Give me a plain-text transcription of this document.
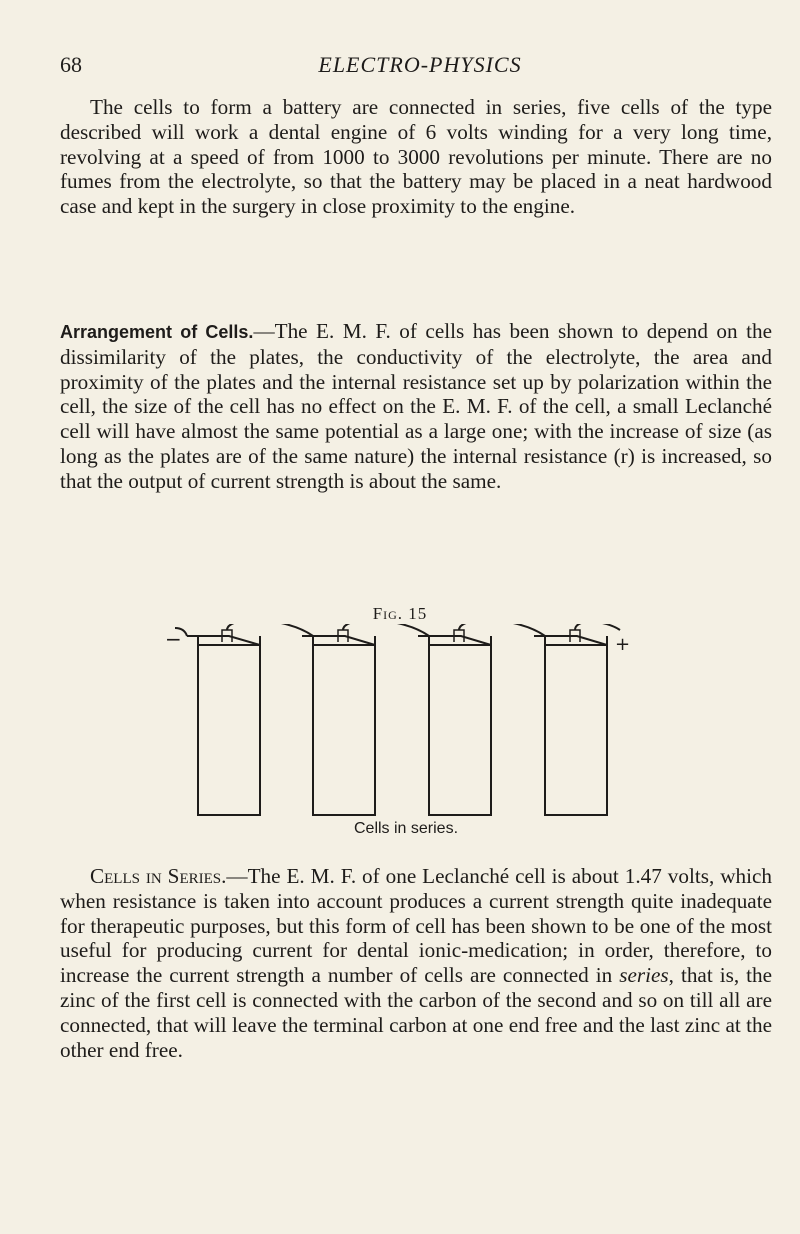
68	ELECTRO-PHYSICS

The cells to form a battery are connected in series, five cells of the type described will work a dental engine of 6 volts winding for a very long time, revolving at a speed of from 1000 to 3000 revolutions per minute. There are no fumes from the electrolyte, so that the battery may be placed in a neat hardwood case and kept in the surgery in close proximity to the engine.

Arrangement of Cells.—The E. M. F. of cells has been shown to depend on the dissimilarity of the plates, the conductivity of the electrolyte, the area and proximity of the plates and the internal resistance set up by polarization within the cell, the size of the cell has no effect on the E. M. F. of the cell, a small Leclanché cell will have almost the same potential as a large one; with the increase of size (as long as the plates are of the same nature) the internal resistance (r) is increased, so that the output of current strength is about the same.

Fig. 15
−	+
Cells in series.

Cells in Series.—The E. M. F. of one Leclanché cell is about 1.47 volts, which when resistance is taken into account produces a current strength quite inadequate for therapeutic purposes, but this form of cell has been shown to be one of the most useful for producing current for dental ionic-medication; in order, therefore, to increase the current strength a number of cells are connected in series, that is, the zinc of the first cell is connected with the carbon of the second and so on till all are connected, that will leave the terminal carbon at one end free and the last zinc at the other end free.
